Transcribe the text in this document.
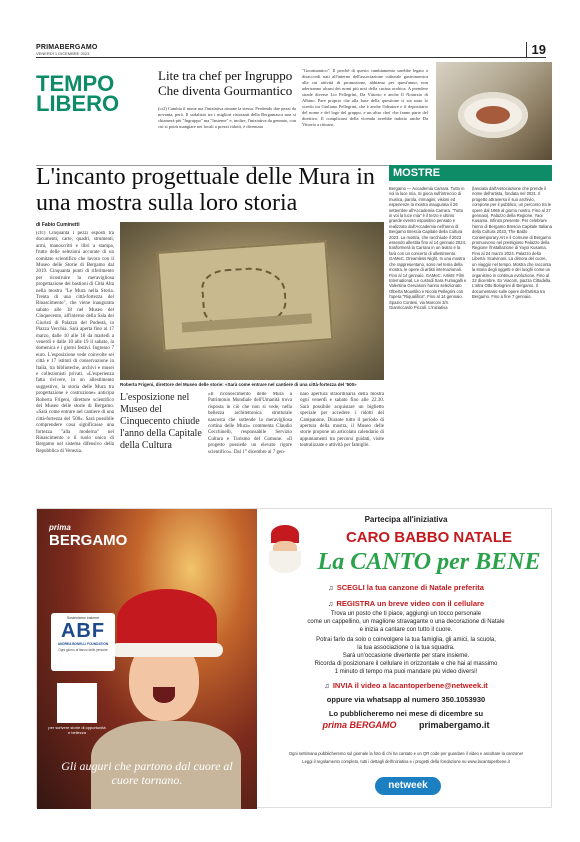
PRIMABERGAMO
VENERDÌ 1 DICEMBRE 2023	19
TEMPO
LIBERO
Lite tra chef per Ingruppo Che diventa Gourmantico
(cr2) Cambia il nome ma l'iniziativa rimane la stessa. Perdendo due pezzi da novanta, però. Il sodalizio tra i migliori ristoranti della Bergamasca non si chiamerà più "Ingruppo" ma "Insieme" e, inoltre, l'iniziativa da gennaio, con cui si potrà mangiare nei locali a prezzi ridotti, è diventata
"Gourmantico". Il perché di questo cambiamento sarebbe legato a disaccordi nati all'interno dell'associazione culturale gastronomica alla cui attività di promozione, abbiamo per quest'anno, non aderiranno alcuni dei nomi più noti della cucina orobica. A prendere strade diverse Lio Pellegrini, Da Vittorio e anche Il Noturzio di Albino. Pare proprio che alla base della questione ci sia stato lo scredo tra Giuliano Pellegrini, che è anche l'ideatore e il depositario del nome e del logo del gruppo, e un altro chef che fanno parte del direttivo. Il complicarsi della vicenda avrebbe indotto anche Da Vittorio a ritirarsi.
L'incanto progettuale delle Mura in una mostra sulla loro storia
di Fabio Cuminetti
(cfc) Cinquanta i pezzi esposti tra documenti, carte, quadri, strumenti, armi, manoscritti e libri a stampa, frutto delle selezioni accurate di un comitato scientifico che lavora con il Museo delle Storie di Bergamo dal 2019. Cinquanta punti di riferimento per ricostruire la meravigliosa progettazione dei bastioni di Città Alta nella mostra "Le Mura nella Storia. Trenta di una città-fortezza del Rinascimento", che viene inaugurata sabato alle 18 nel Museo del Cinquecento, all'interno della Sala dei Giuristi di Palazzo del Podestà, in Piazza Vecchia. Sarà aperta fino al 17 marzo, dalle 10 alle 18 da martedì a venerdì e dalle 10 alle 19 il sabato, la domenica e i giorni festivi. Ingresso 7 euro. L'esposizione vede coinvolte sei città e 17 istituti di conservazione in Italia, tra biblioteche, archivi e musei e collezionisti privati. «L'esperienza fatta rivivere, in un allestimento suggestivo, la storia delle Mura tra progettazione e costruzione» anticipa Roberta Frigeni, direttore scientifico del Museo delle storie di Bergamo. «Sarà come entrare nel cantiere di una città-fortezza del '500». Sarà possibile comprendere cosa significasse una fortezza "alla moderna" nel Rinascimento e il ruolo unico di Bergamo nel sistema difensivo della Repubblica di Venezia.
Roberta Frigeni, direttore del Museo delle storie: «Sarà come entrare nel cantiere di una città-fortezza del '500»
L'esposizione nel Museo del Cinquecento chiude l'anno della Capitale della Cultura
«Il riconoscimento delle Mura a Patrimonio Mondiale dell'Umanità trova risposta in ciò che non si vede, nella bellezza architettonica strutturale nascosta che sottende la meravigliosa cortina delle Mura» commenta Claudio Cecchinelli, responsabile Servizio Cultura e Turismo del Comune. «Il progetto possiede un elevato rigore scientifico». Dal 1° dicembre al 7 gen-
naio apertura straordinaria della mostra ogni venerdì e sabato fino alle 22.30. Sarà possibile acquistare un biglietto speciale per accedere i ridotti del Campanone. Durante tutto il periodo di apertura della mostra, il Museo delle storie propone un articolato calendario di appuntamenti tra percorsi guidati, visite teatralizzate e attività per famiglie.
MOSTRE
Bergamo — Accademia Carrara. Tutto in voi la luce mia. Si gioca sull'intreccio di musica, parola, immagini, visioni ed esperienze la mostra inaugurata il 26 settembre all'Accademia Carrara. "Tutto in voi la luce mia" è il terzo e ultimo grande evento espositivo pensato e realizzato dall'Accademia nell'anno di Bergamo Brescia Capitale della Cultura 2023. La mostra, che racchiude il 2023 essendo allestita fino al 14 gennaio 2024, trasformerà la Carrara in un teatro e la farà con un concerto di allestimento. GAMeC. Dreamless Night. In una mostra che rappresentano, sono nel tema della mostra, le opere di artisti internazionali. Fino al 14 gennaio. GAMeC. Artists' Film International. Le custodi Sara Fumagalli e Valentina Gervasoni hanno selezionato Olberta Moustiko e Nicola Pellegrini con l'opera "Riqualifica". Fino al 14 gennaio. Spazio Contesi, via Marconi 3/4. Gianriccardo Piccoli. L'iniziativa
(lanciata dall'Associazione che prende il nome dell'artista, fondata nel 2021. Il progetto attraverso il suo archivio, compone per il pubblico, un percorso tra le opere dal 1965 al giorno nostro. Fino al 27 gennaio). Palazzo della Regione. Yaoi Kusama. Infinito presente. Per celebrare l'anno di Bergamo Brescia Capitale Italiana della Cultura 2023, The Baldo Contemporary Art e il Comune di Bergamo promuovono nel prestigioso Palazzo della Regione l'installazione di Yayoi Kusama. Fino al 24 marzo 2024. Palazzo della Libertà. Scalvinoni. La dimora del cuore, un viaggio nel tempo. Mostra che racconta la storia degli oggetti e dei luoghi come un organismo in continua evoluzione. Fino al 22 dicembre. Ex Viacom, piazza Cittadella. L'altra Otto Bolognini di Bergamo. Il documentario sulle opere dell'artista tra Bergamo. Fino a fine 7 gennaio.
prima
BERGAMO
Sosteniamo insieme
ABF
ANDREA BONELLI FOUNDATION
Ogni giorno al fianco delle persone
per scrivere storie di opportunità e bellezza
Gli auguri che partono dal cuore al cuore tornano.
Partecipa all'iniziativa
CARO BABBO NATALE
La CANTO per BENE
♫ SCEGLI la tua canzone di Natale preferita
♫ REGISTRA un breve video con il cellulare
Trova un posto che ti piace, aggiungi un tocco personale
come un cappellino, un maglione stravagante o una decorazione di Natale
e inizia a cantare con tutto il cuore.
Potrai farlo da solo o coinvolgere la tua famiglia, gli amici, la scuola,
la tua associazione o la tua squadra.
Sarà un'occasione divertente per stare insieme.
Ricorda di posizionare il cellulare in orizzontale e che hai al massimo
1 minuto di tempo ma puoi mandare più video diversi!
♫ INVIA il video a lacantoperbene@netweek.it
oppure via whatsapp al numero 350.1053930
Lo pubblicheremo nei mese di dicembre su
prima BERGAMO	primabergamo.it
Ogni settimana pubblicheremo sul giornale la foto di chi ha cantato e un QR code per guardare il video e ascoltare la canzone!
Leggi il regolamento completo, tutti i dettagli dell'iniziativa e i progetti della fondazione su www.lacantoperbene.it
netweek
